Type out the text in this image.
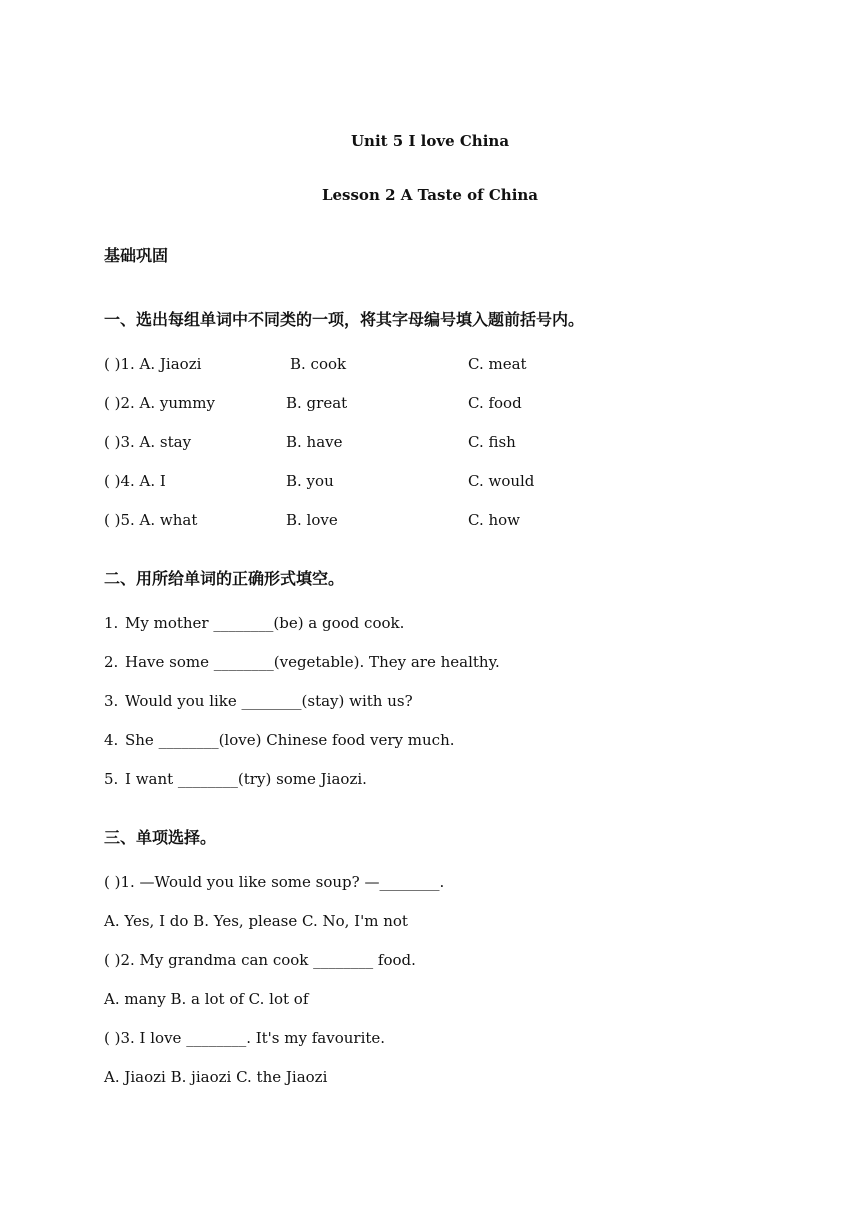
Unit 5 I love China
Lesson 2 A Taste of China
基础巩固
一、选出每组单词中不同类的一项，将其字母编号填入题前括号内。
( )1. A. Jiaozi	B. cook	C. meat
( )2. A. yummy	B. great	C. food
( )3. A. stay	B. have	C. fish
( )4. A. I	B. you	C. would
( )5. A. what	B. love	C. how
二、用所给单词的正确形式填空。
1. My mother ________(be) a good cook.
2. Have some ________(vegetable). They are healthy.
3. Would you like ________(stay) with us?
4. She ________(love) Chinese food very much.
5. I want ________(try) some Jiaozi.
三、单项选择。
( )1. —Would you like some soup? —________.
A. Yes, I do B. Yes, please C. No, I'm not
( )2. My grandma can cook ________ food.
A. many B. a lot of C. lot of
( )3. I love ________. It's my favourite.
A. Jiaozi B. jiaozi C. the Jiaozi
